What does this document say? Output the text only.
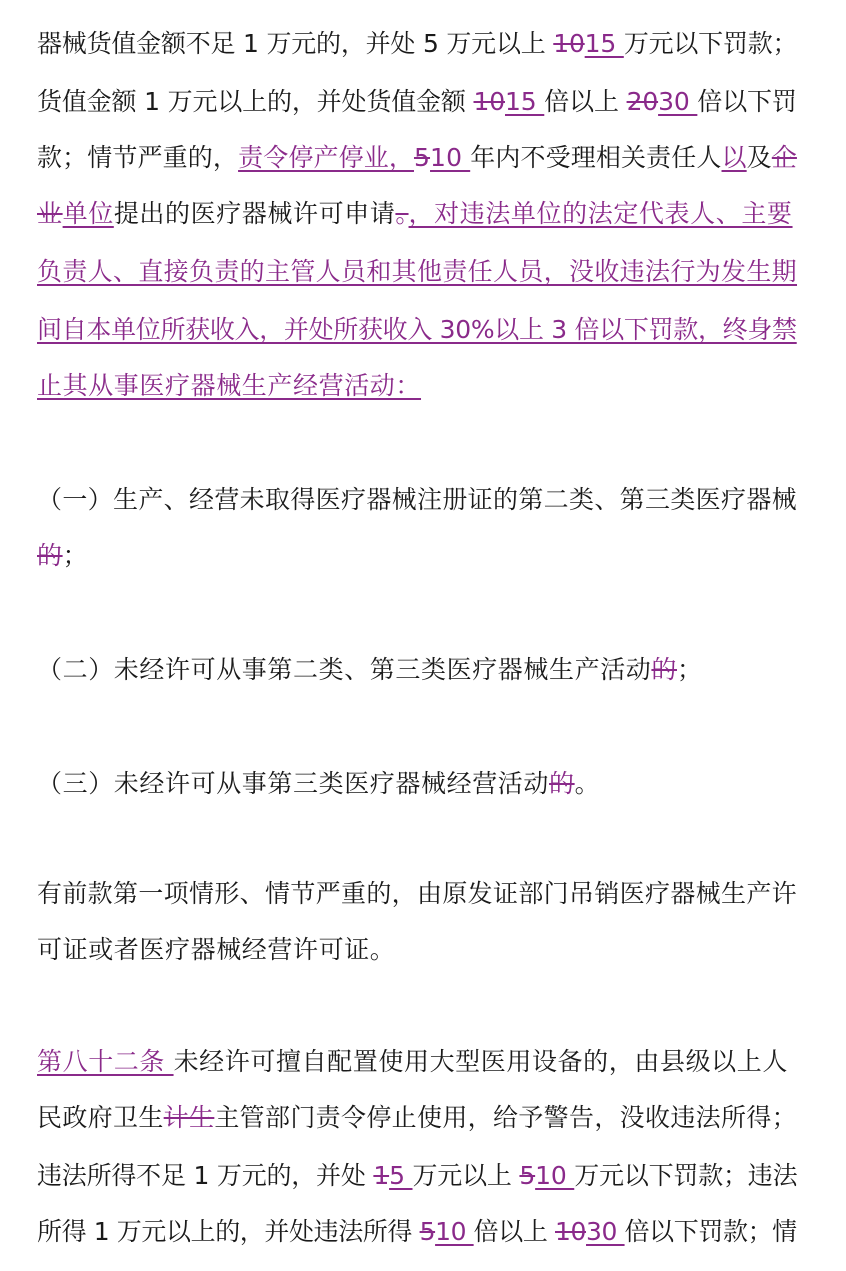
器械货值金额不足 1 万元的，并处 5 万元以上 1015 万元以下罚款；
货值金额 1 万元以上的，并处货值金额 1015 倍以上 2030 倍以下罚
款；情节严重的，责令停产停业，510 年内不受理相关责任人以及企
业单位提出的医疗器械许可申请。，对违法单位的法定代表人、主要
负责人、直接负责的主管人员和其他责任人员，没收违法行为发生期
间自本单位所获收入，并处所获收入 30%以上 3 倍以下罚款，终身禁
止其从事医疗器械生产经营活动：
（一）生产、经营未取得医疗器械注册证的第二类、第三类医疗器械
的；
（二）未经许可从事第二类、第三类医疗器械生产活动的；
（三）未经许可从事第三类医疗器械经营活动的。
有前款第一项情形、情节严重的，由原发证部门吊销医疗器械生产许
可证或者医疗器械经营许可证。
第八十二条 未经许可擅自配置使用大型医用设备的，由县级以上人
民政府卫生计生主管部门责令停止使用，给予警告，没收违法所得；
违法所得不足 1 万元的，并处 15 万元以上 510 万元以下罚款；违法
所得 1 万元以上的，并处违法所得 510 倍以上 1030 倍以下罚款；情
